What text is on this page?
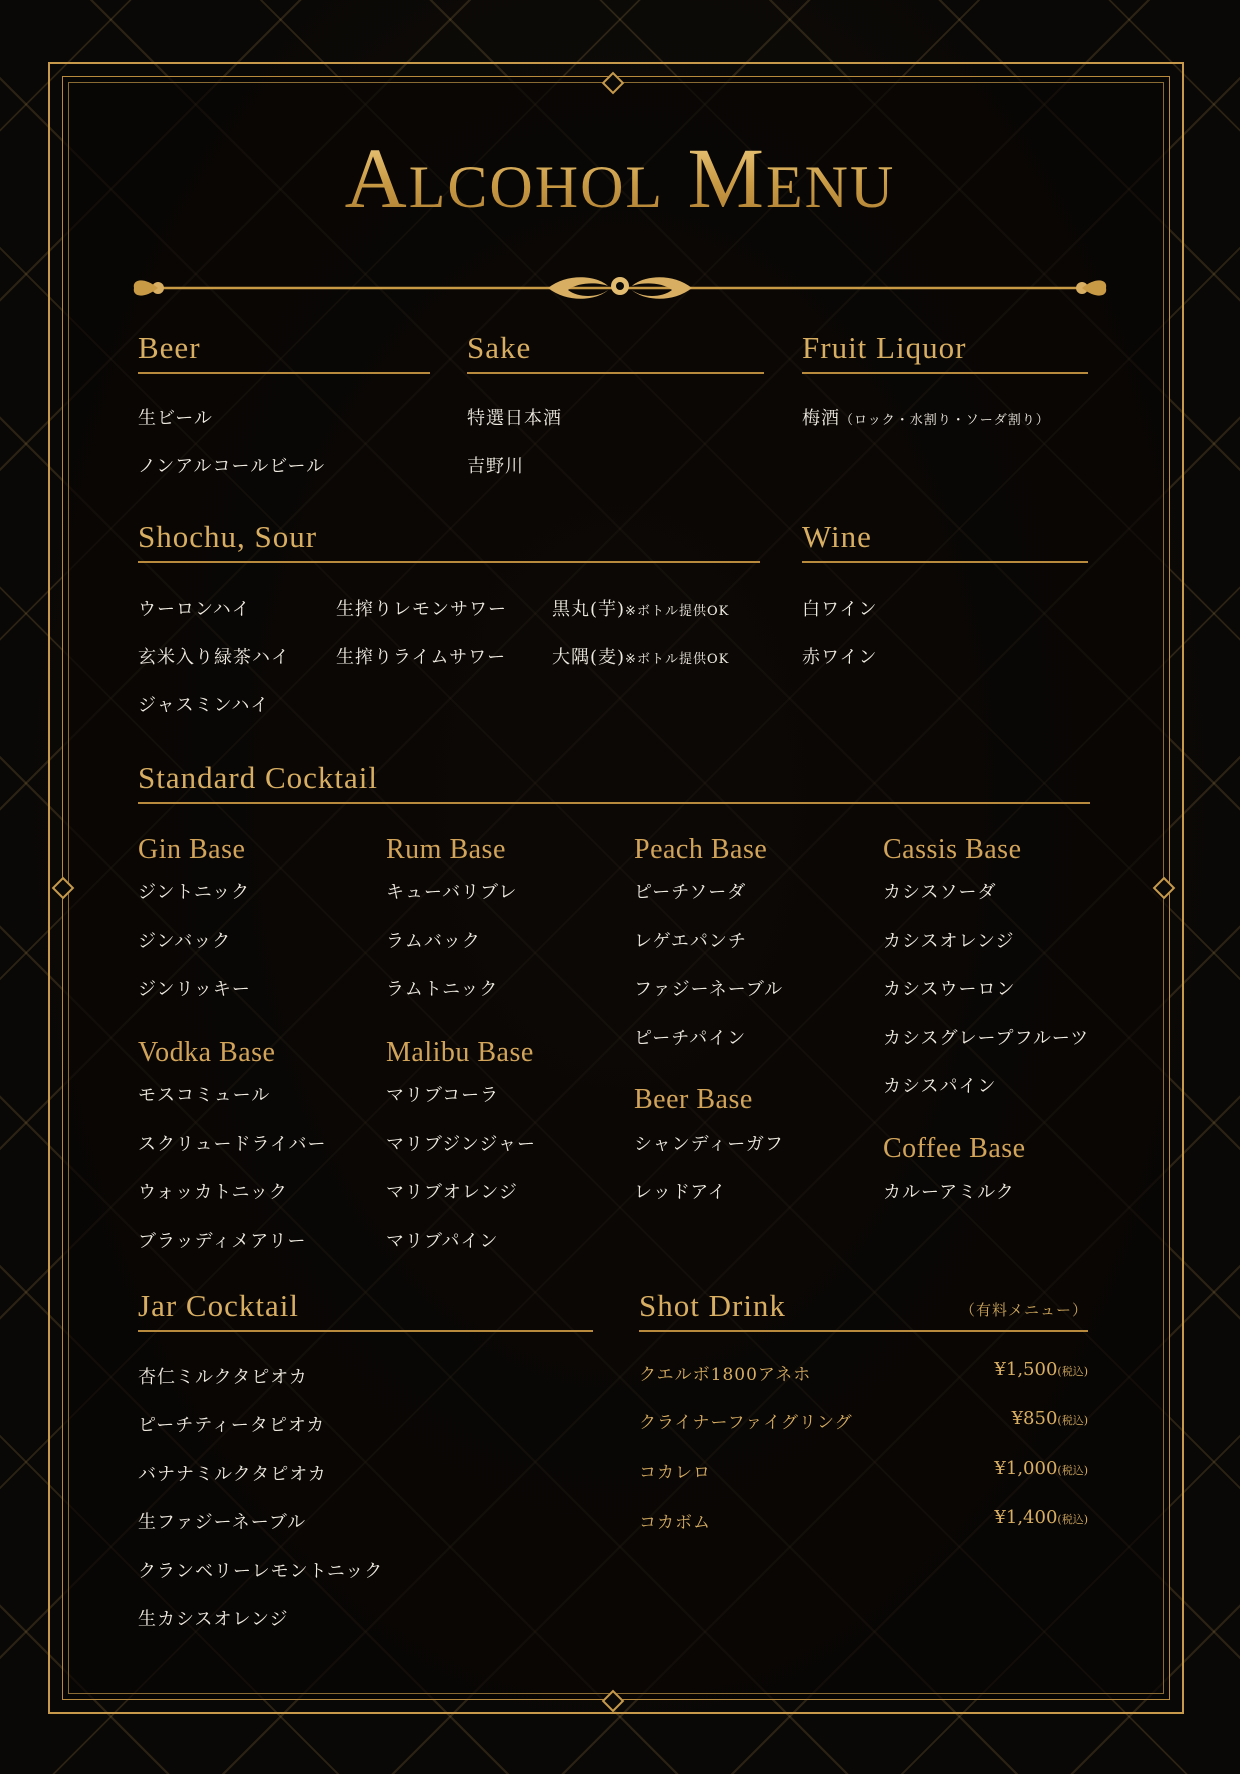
Alcohol Menu
Beer
生ビール
ノンアルコールビール
Sake
特選日本酒
吉野川
Fruit Liquor
梅酒（ロック・水割り・ソーダ割り）
Shochu, Sour
ウーロンハイ
玄米入り緑茶ハイ
ジャスミンハイ
生搾りレモンサワー
生搾りライムサワー
黒丸(芋)※ボトル提供OK
大隅(麦)※ボトル提供OK
Wine
白ワイン
赤ワイン
Standard Cocktail
Gin Base
ジントニック
ジンバック
ジンリッキー
Rum Base
キューバリブレ
ラムバック
ラムトニック
Peach Base
ピーチソーダ
レゲエパンチ
ファジーネーブル
ピーチパイン
Cassis Base
カシスソーダ
カシスオレンジ
カシスウーロン
カシスグレープフルーツ
カシスパイン
Vodka Base
モスコミュール
スクリュードライバー
ウォッカトニック
ブラッディメアリー
Malibu Base
マリブコーラ
マリブジンジャー
マリブオレンジ
マリブパイン
Beer Base
シャンディーガフ
レッドアイ
Coffee Base
カルーアミルク
Jar Cocktail
杏仁ミルクタピオカ
ピーチティータピオカ
バナナミルクタピオカ
生ファジーネーブル
クランベリーレモントニック
生カシスオレンジ
Shot Drink	（有料メニュー）
クエルボ1800アネホ	¥1,500(税込)
クライナーファイグリング	¥850(税込)
コカレロ	¥1,000(税込)
コカボム	¥1,400(税込)
